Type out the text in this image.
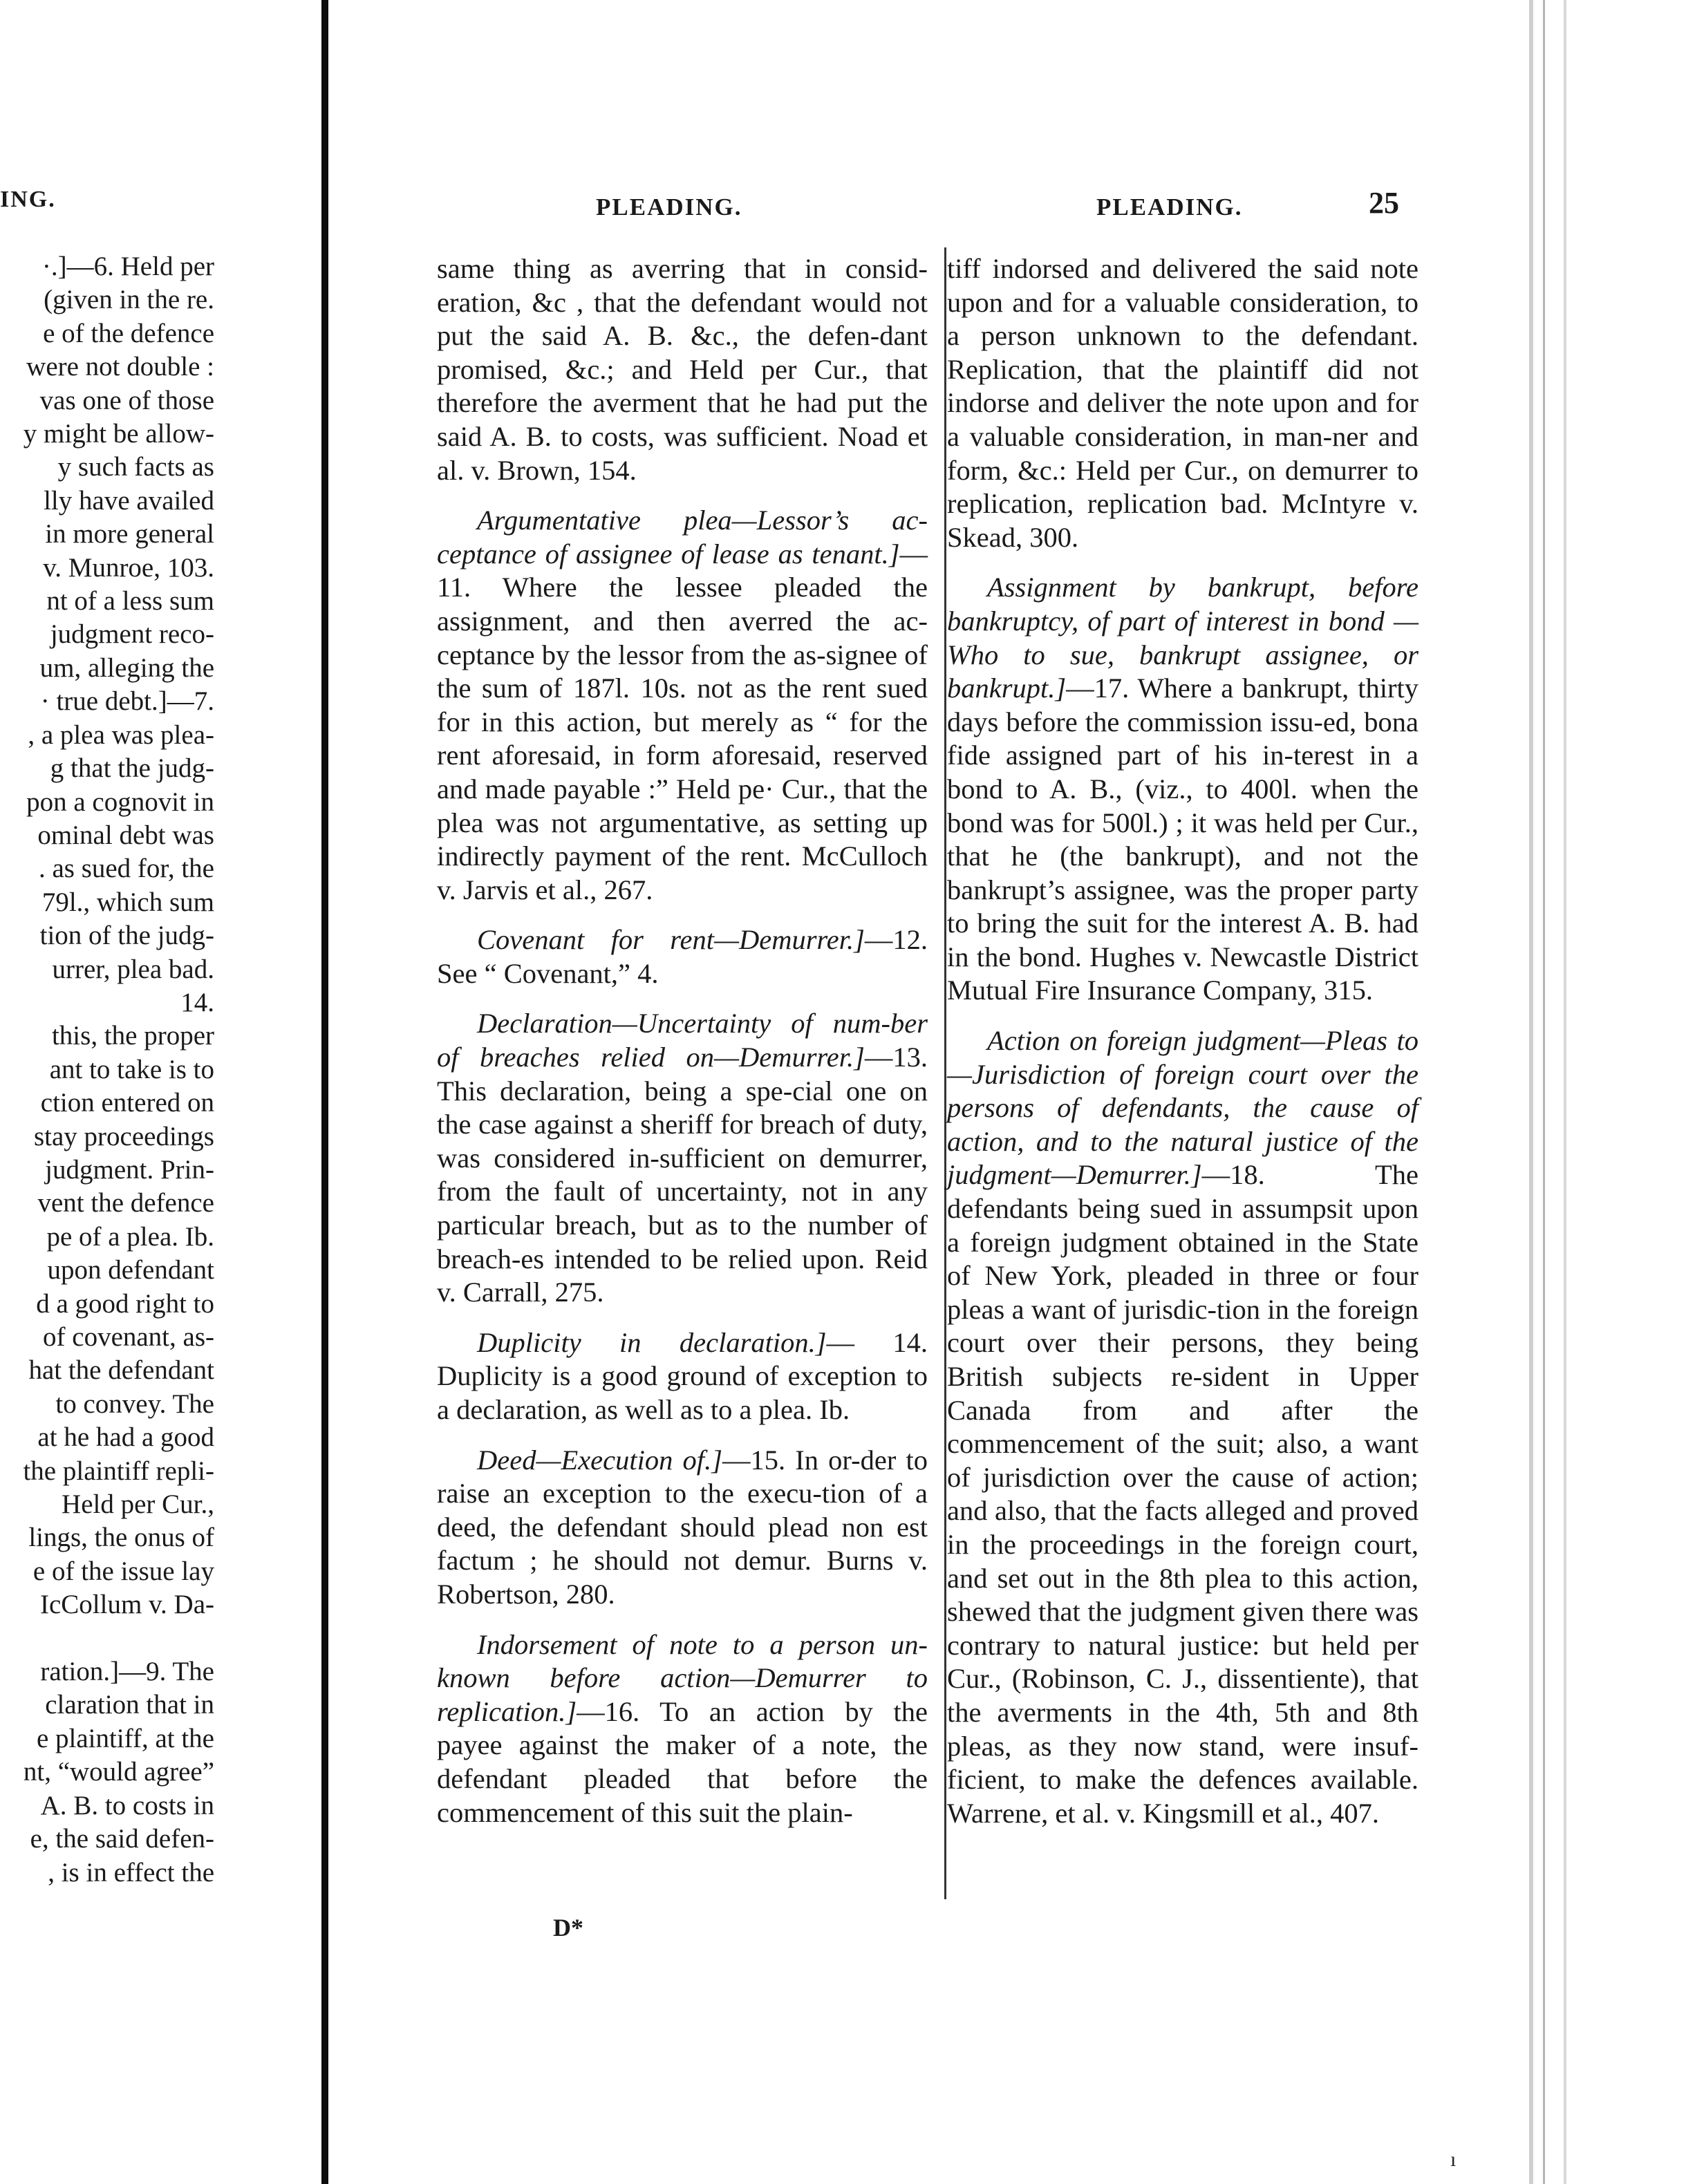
ı
ING.
·.]—6. Held per
(given in the re.
e of the defence
were not double :
vas one of those
y might be allow-
y such facts as
lly have availed
in more general
v. Munroe, 103.
nt of a less sum
judgment reco-
um, alleging the
· true debt.]—7.
, a plea was plea-
g that the judg-
pon a cognovit in
ominal debt was
. as sued for, the
79l., which sum
tion of the judg-
urrer, plea bad.
14.
this, the proper
ant to take is to
ction entered on
stay proceedings
judgment. Prin-
vent the defence
pe of a plea. Ib.
upon defendant
d a good right to
of covenant, as-
hat the defendant
to convey. The
at he had a good
the plaintiff repli-
Held per Cur.,
lings, the onus of
e of the issue lay
IcCollum v. Da-

ration.]—9. The
claration that in
e plaintiff, at the
nt, “would agree”
A. B. to costs in
e, the said defen-
, is in effect the
PLEADING.	PLEADING.	25

same thing as averring that in consid-eration, &c , that the defendant would not put the said A. B. &c., the defen-dant promised, &c.; and Held per Cur., that therefore the averment that he had put the said A. B. to costs, was sufficient. Noad et al. v. Brown, 154.

Argumentative plea—Lessor’s ac-ceptance of assignee of lease as tenant.]—11. Where the lessee pleaded the assignment, and then averred the ac-ceptance by the lessor from the as-signee of the sum of 187l. 10s. not as the rent sued for in this action, but merely as “ for the rent aforesaid, in form aforesaid, reserved and made payable :” Held pe· Cur., that the plea was not argumentative, as setting up indirectly payment of the rent. McCulloch v. Jarvis et al., 267.

Covenant for rent—Demurrer.]—12. See “ Covenant,” 4.

Declaration—Uncertainty of num-ber of breaches relied on—Demurrer.]—13. This declaration, being a spe-cial one on the case against a sheriff for breach of duty, was considered in-sufficient on demurrer, from the fault of uncertainty, not in any particular breach, but as to the number of breach-es intended to be relied upon. Reid v. Carrall, 275.

Duplicity in declaration.]— 14. Duplicity is a good ground of exception to a declaration, as well as to a plea. Ib.

Deed—Execution of.]—15. In or-der to raise an exception to the execu-tion of a deed, the defendant should plead non est factum ; he should not demur. Burns v. Robertson, 280.

Indorsement of note to a person un-known before action—Demurrer to replication.]—16. To an action by the payee against the maker of a note, the defendant pleaded that before the commencement of this suit the plain-

tiff indorsed and delivered the said note upon and for a valuable consideration, to a person unknown to the defendant. Replication, that the plaintiff did not indorse and deliver the note upon and for a valuable consideration, in man-ner and form, &c.: Held per Cur., on demurrer to replication, replication bad. McIntyre v. Skead, 300.

Assignment by bankrupt, before bankruptcy, of part of interest in bond —Who to sue, bankrupt assignee, or bankrupt.]—17. Where a bankrupt, thirty days before the commission issu-ed, bona fide assigned part of his in-terest in a bond to A. B., (viz., to 400l. when the bond was for 500l.) ; it was held per Cur., that he (the bankrupt), and not the bankrupt’s assignee, was the proper party to bring the suit for the interest A. B. had in the bond. Hughes v. Newcastle District Mutual Fire Insurance Company, 315.

Action on foreign judgment—Pleas to—Jurisdiction of foreign court over the persons of defendants, the cause of action, and to the natural justice of the judgment—Demurrer.]—18. The defendants being sued in assumpsit upon a foreign judgment obtained in the State of New York, pleaded in three or four pleas a want of jurisdic-tion in the foreign court over their persons, they being British subjects re-sident in Upper Canada from and after the commencement of the suit; also, a want of jurisdiction over the cause of action; and also, that the facts alleged and proved in the proceedings in the foreign court, and set out in the 8th plea to this action, shewed that the judgment given there was contrary to natural justice: but held per Cur., (Robinson, C. J., dissentiente), that the averments in the 4th, 5th and 8th pleas, as they now stand, were insuf-ficient, to make the defences available. Warrene, et al. v. Kingsmill et al., 407.

D*
